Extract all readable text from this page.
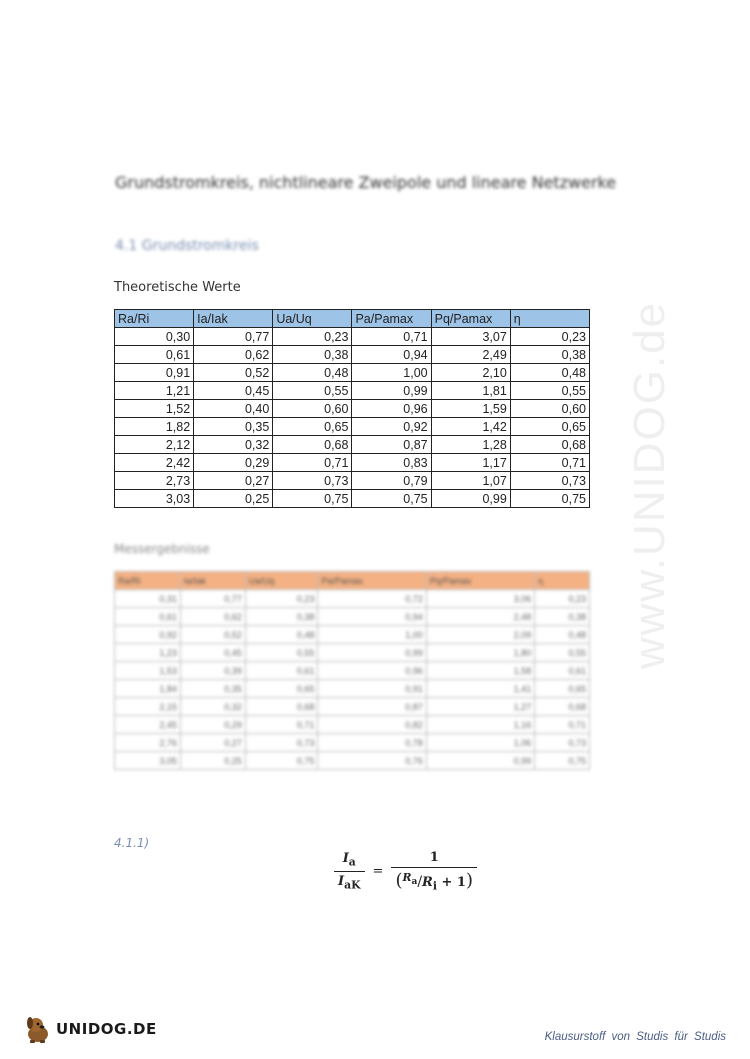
www.UNIDOG.de
Grundstromkreis, nichtlineare Zweipole und lineare Netzwerke
4.1 Grundstromkreis
Theoretische Werte
Ra/Ri	Ia/Iak	Ua/Uq	Pa/Pamax	Pq/Pamax	η
0,30	0,77	0,23	0,71	3,07	0,23
0,61	0,62	0,38	0,94	2,49	0,38
0,91	0,52	0,48	1,00	2,10	0,48
1,21	0,45	0,55	0,99	1,81	0,55
1,52	0,40	0,60	0,96	1,59	0,60
1,82	0,35	0,65	0,92	1,42	0,65
2,12	0,32	0,68	0,87	1,28	0,68
2,42	0,29	0,71	0,83	1,17	0,71
2,73	0,27	0,73	0,79	1,07	0,73
3,03	0,25	0,75	0,75	0,99	0,75
Messergebnisse
Ra/Ri	Ia/Iak	Ua/Uq	Pa/Pamax	Pq/Pamax	η
0,31	0,77	0,23	0,72	3,06	0,23
0,61	0,62	0,38	0,94	2,48	0,38
0,92	0,52	0,48	1,00	2,09	0,48
1,23	0,45	0,55	0,99	1,80	0,55
1,53	0,39	0,61	0,96	1,58	0,61
1,84	0,35	0,65	0,91	1,41	0,65
2,15	0,32	0,68	0,87	1,27	0,68
2,45	0,29	0,71	0,82	1,16	0,71
2,76	0,27	0,73	0,78	1,06	0,73
3,05	0,25	0,75	0,76	0,99	0,75
4.1.1)
$\frac{I_a}{I_{aK}} = \frac{1}{(^{R_a}/R_i + 1)}$
UNIDOG.DE	Klausurstoff von Studis für Studis
